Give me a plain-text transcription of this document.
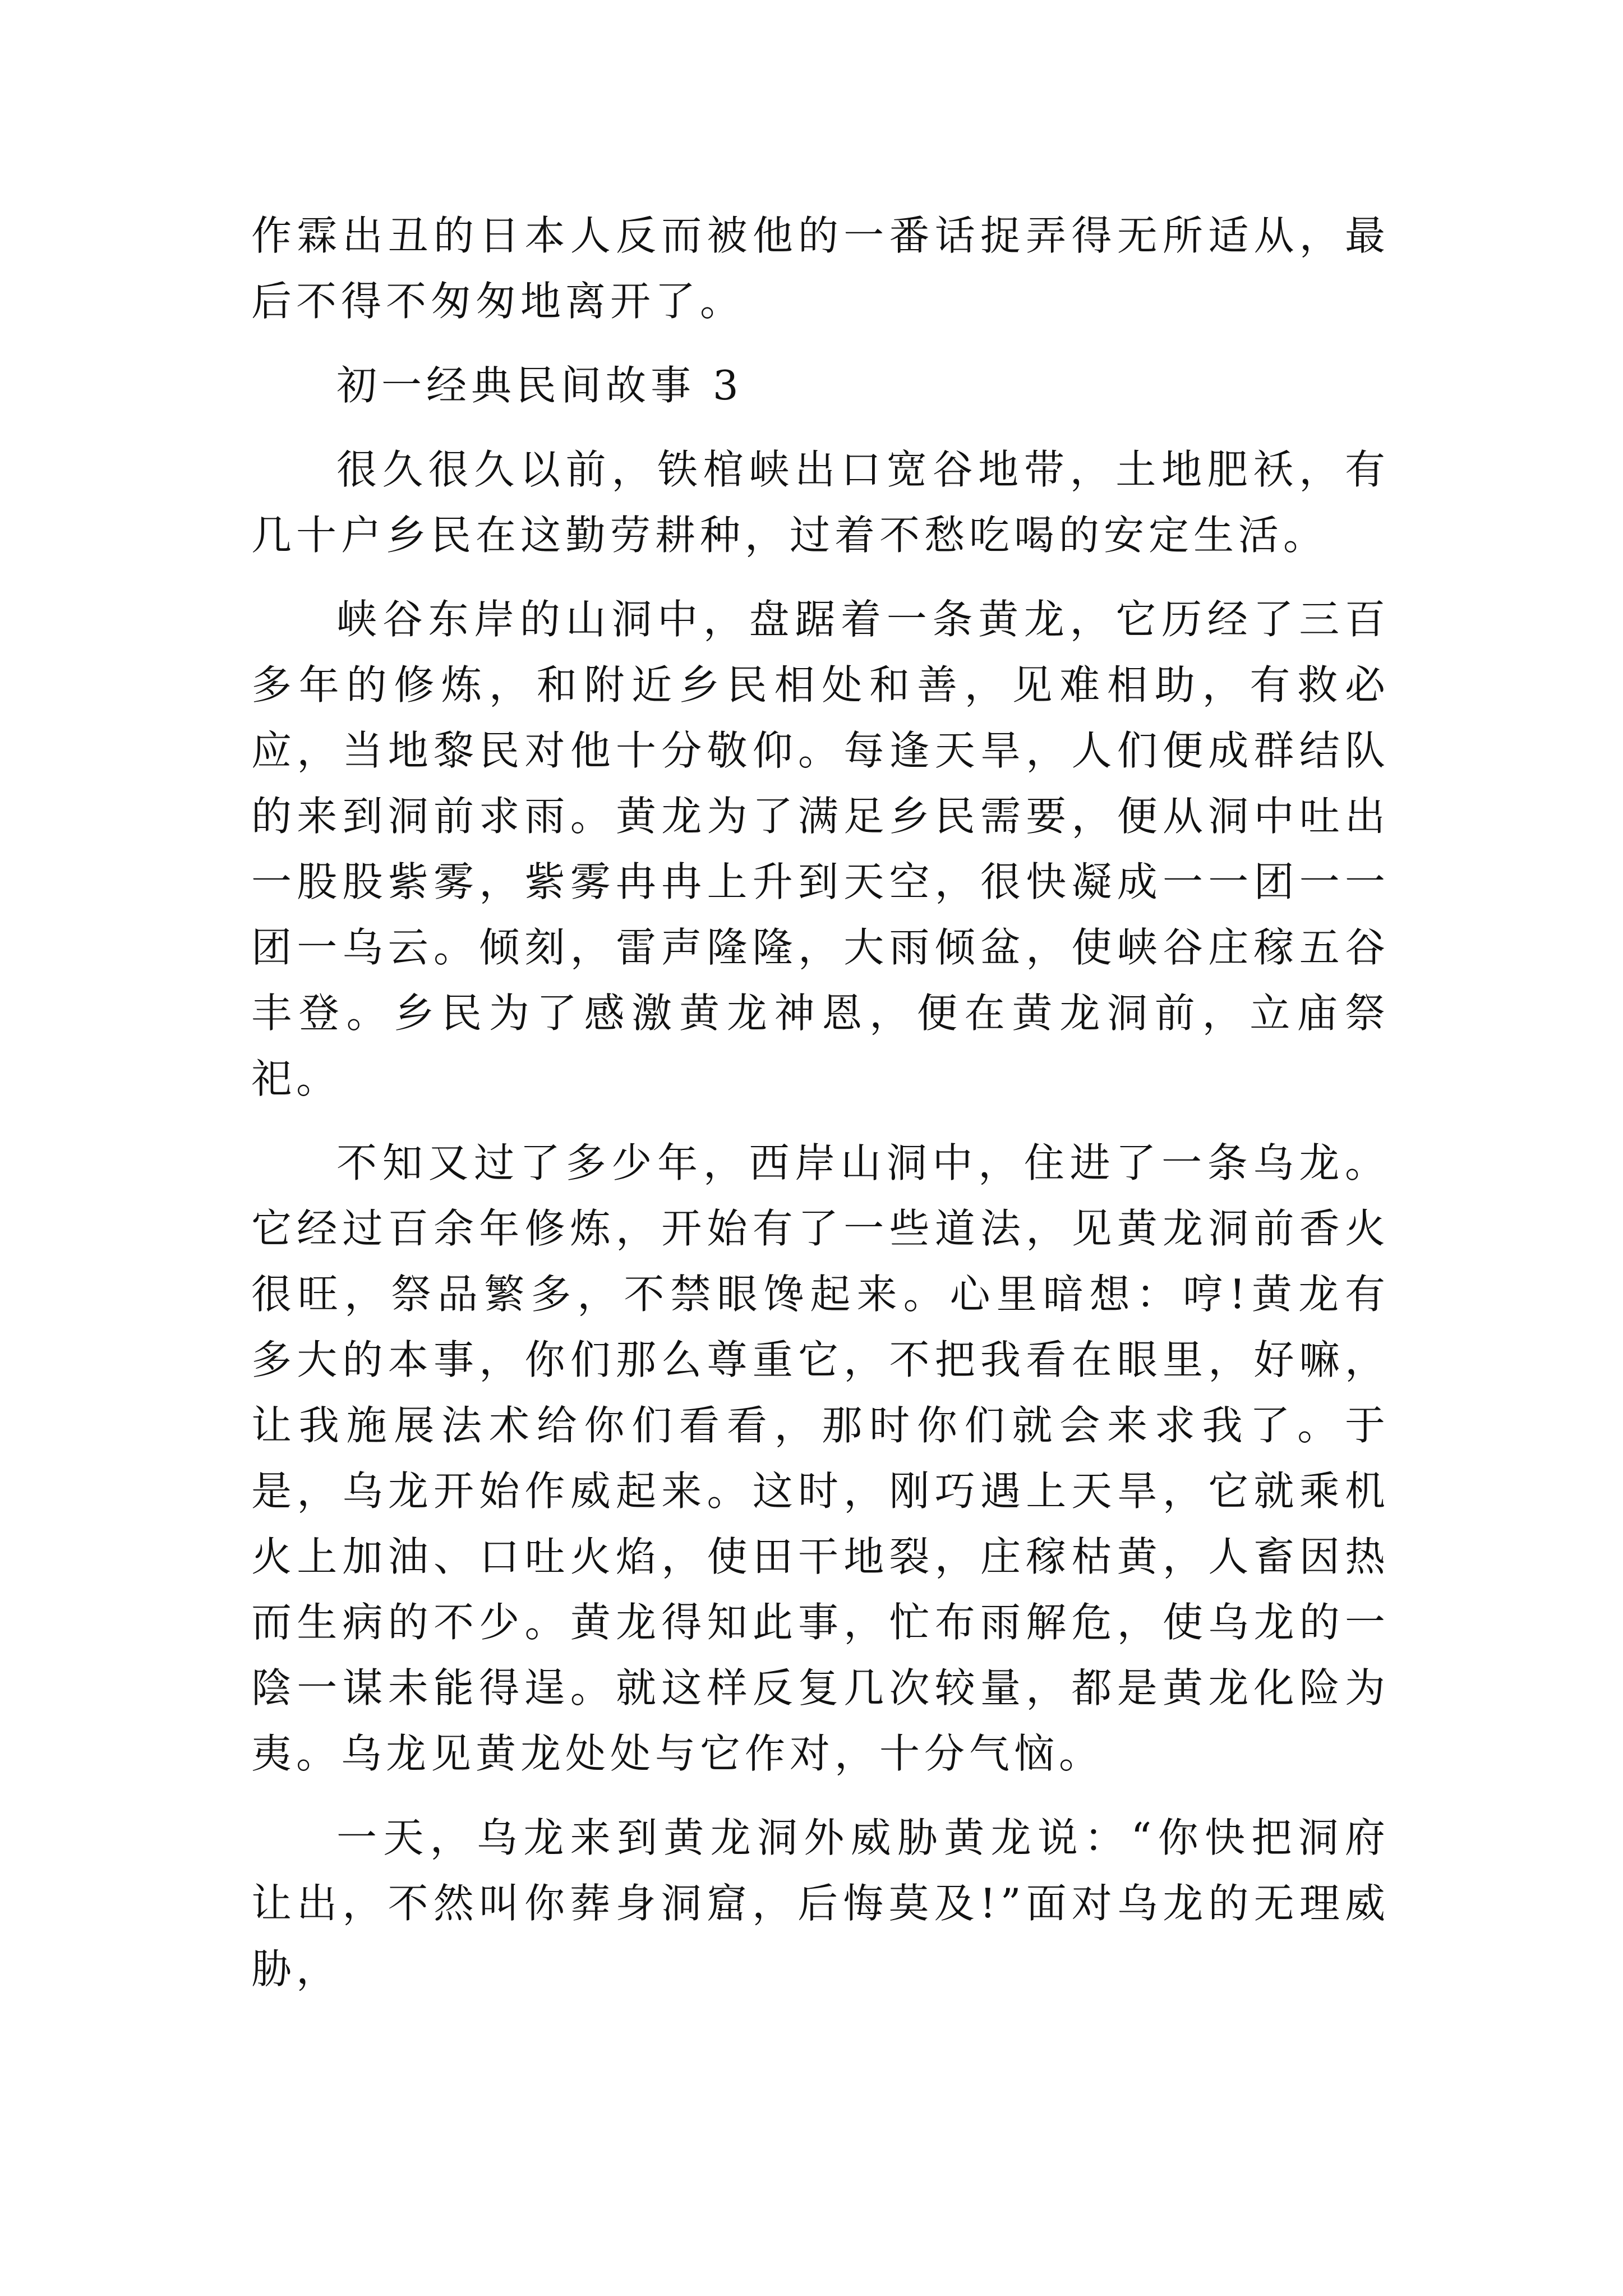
作霖出丑的日本人反而被他的一番话捉弄得无所适从，最后不得不匆匆地离开了。

初一经典民间故事 3

很久很久以前，铁棺峡出口宽谷地带，土地肥袄，有几十户乡民在这勤劳耕种，过着不愁吃喝的安定生活。

峡谷东岸的山洞中，盘踞着一条黄龙，它历经了三百多年的修炼，和附近乡民相处和善，见难相助，有救必应，当地黎民对他十分敬仰。每逢天旱，人们便成群结队的来到洞前求雨。黄龙为了满足乡民需要，便从洞中吐出一股股紫雾，紫雾冉冉上升到天空，很快凝成一一团一一团一乌云。倾刻，雷声隆隆，大雨倾盆，使峡谷庄稼五谷丰登。乡民为了感激黄龙神恩，便在黄龙洞前，立庙祭祀。

不知又过了多少年，西岸山洞中，住进了一条乌龙。它经过百余年修炼，开始有了一些道法，见黄龙洞前香火很旺，祭品繁多，不禁眼馋起来。心里暗想：哼!黄龙有多大的本事，你们那么尊重它，不把我看在眼里，好嘛，让我施展法术给你们看看，那时你们就会来求我了。于是，乌龙开始作威起来。这时，刚巧遇上天旱，它就乘机火上加油、口吐火焰，使田干地裂，庄稼枯黄，人畜因热而生病的不少。黄龙得知此事，忙布雨解危，使乌龙的一陰一谋未能得逞。就这样反复几次较量，都是黄龙化险为夷。乌龙见黄龙处处与它作对，十分气恼。

一天，乌龙来到黄龙洞外威胁黄龙说：“你快把洞府让出，不然叫你葬身洞窟，后悔莫及!”面对乌龙的无理威胁，
